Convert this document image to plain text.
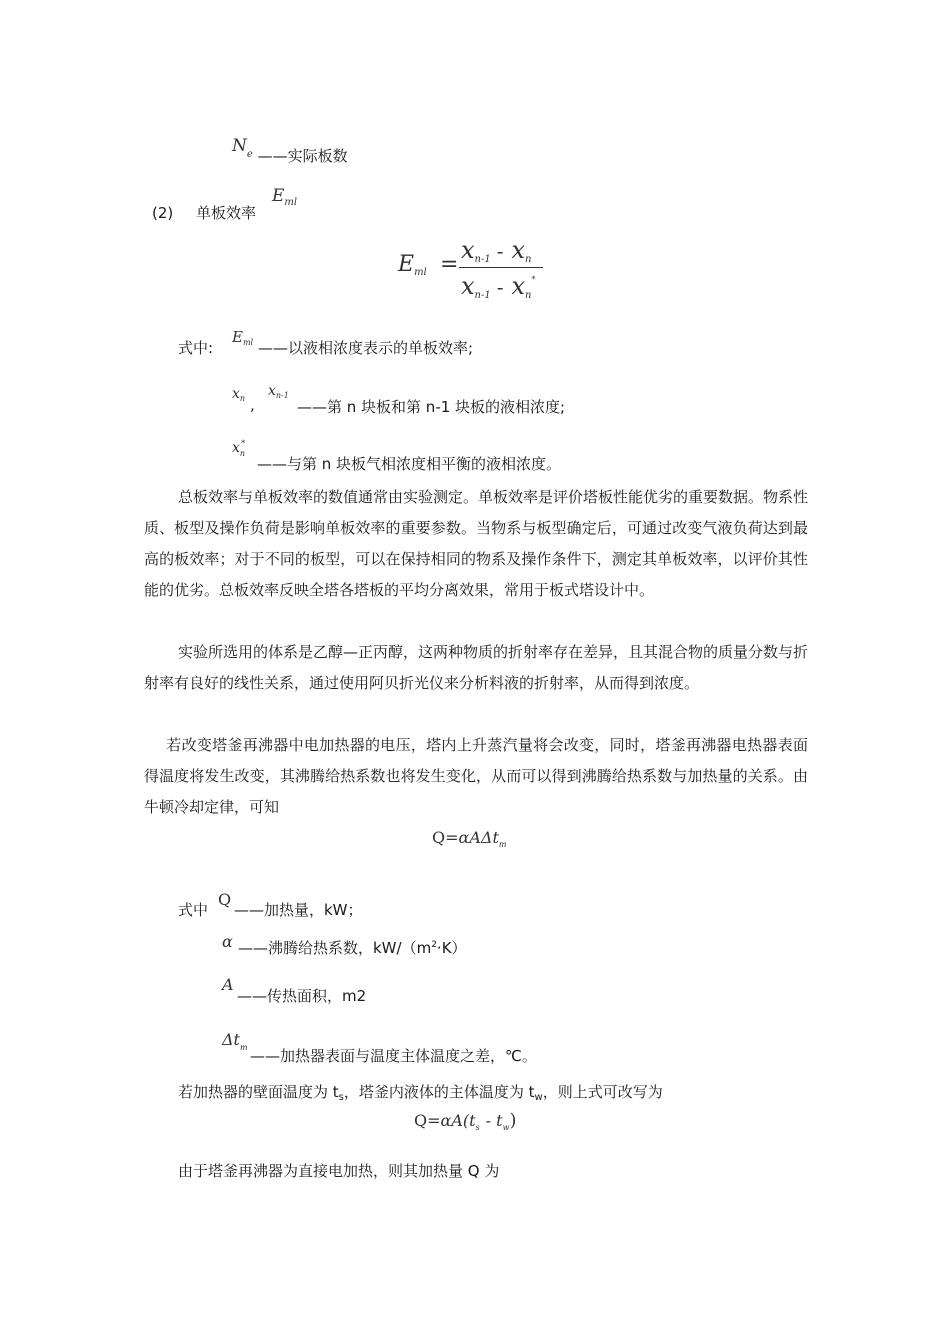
$N_e$ ——实际板数
(2) 单板效率
$E_{ml}$
$E_{ml}$ =
$x_{n-1} - x_n$
$x_{n-1} - x_n^*$
式中:
$E_{ml}$ ——以液相浓度表示的单板效率;
$x_n$ ,
$x_{n-1}$
——第 n 块板和第 n-1 块板的液相浓度;
$x_n^*$
——与第 n 块板气相浓度相平衡的液相浓度。
总板效率与单板效率的数值通常由实验测定。单板效率是评价塔板性能优劣的重要数据。物系性质、板型及操作负荷是影响单板效率的重要参数。当物系与板型确定后，可通过改变气液负荷达到最高的板效率；对于不同的板型，可以在保持相同的物系及操作条件下，测定其单板效率，以评价其性能的优劣。总板效率反映全塔各塔板的平均分离效果，常用于板式塔设计中。
实验所选用的体系是乙醇—正丙醇，这两种物质的折射率存在差异，且其混合物的质量分数与折射率有良好的线性关系，通过使用阿贝折光仪来分析料液的折射率，从而得到浓度。
若改变塔釜再沸器中电加热器的电压，塔内上升蒸汽量将会改变，同时，塔釜再沸器电热器表面得温度将发生改变，其沸腾给热系数也将发生变化，从而可以得到沸腾给热系数与加热量的关系。由牛顿冷却定律，可知
Q=αAΔt$_m$
式中
Q
——加热量，kW；
α ——沸腾给热系数，$kW/(m^2\cdot K)$
A
——传热面积，m2
$\Delta t_m$ ——加热器表面与温度主体温度之差，℃。
若加热器的壁面温度为 $t_s$，塔釜内液体的主体温度为 $t_w$，则上式可改写为
$Q=\alpha A(t_s - t_w)$
由于塔釜再沸器为直接电加热，则其加热量 Q 为
